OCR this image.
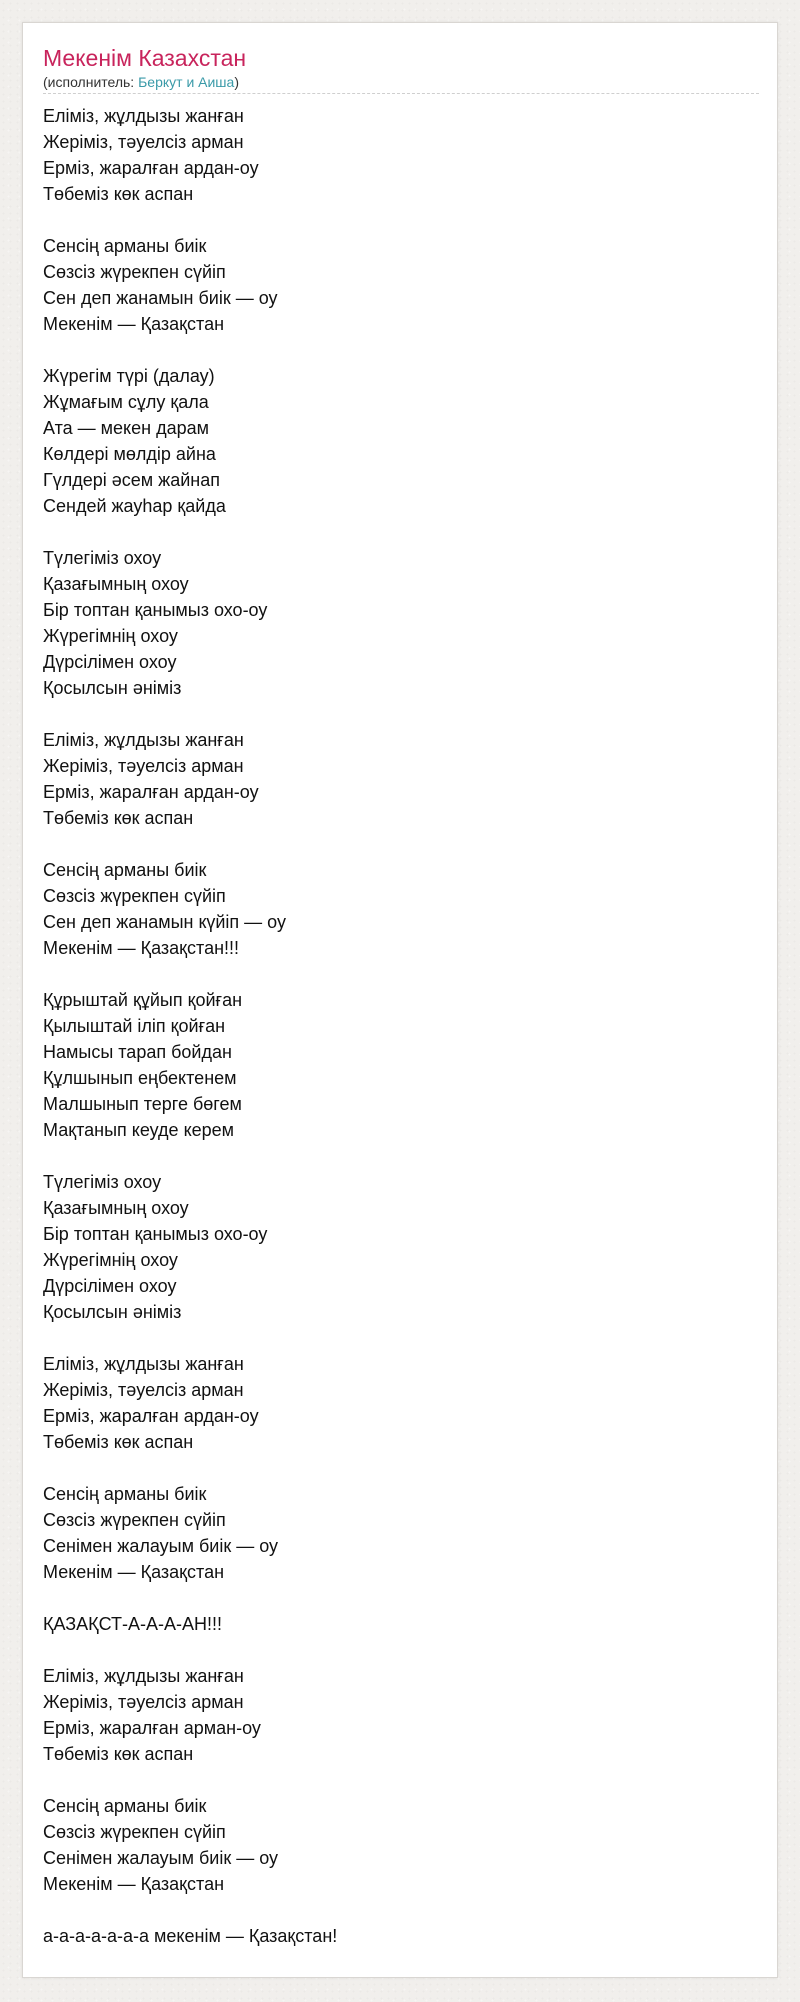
Мекенім Казахстан
(исполнитель: Беркут и Аиша)
Еліміз, жұлдызы жанған
Жеріміз, тәуелсіз арман
Ерміз, жаралған ардан-оу
Төбеміз көк аспан
Сенсің арманы биік
Сөзсіз жүрекпен сүйіп
Сен деп жанамын биік — оу
Мекенім — Қазақстан
Жүрегім түрі (далау)
Жұмағым сұлу қала
Ата — мекен дарам
Көлдері мөлдір айна
Гүлдері әсем жайнап
Сендей жауһар қайда
Түлегіміз охоу
Қазағымның охоу
Бір топтан қанымыз охо-оу
Жүрегімнің охоу
Дүрсілімен охоу
Қосылсын әніміз
Еліміз, жұлдызы жанған
Жеріміз, тәуелсіз арман
Ерміз, жаралған ардан-оу
Төбеміз көк аспан
Сенсің арманы биік
Сөзсіз жүрекпен сүйіп
Сен деп жанамын күйіп — оу
Мекенім — Қазақстан!!!
Құрыштай құйып қойған
Қылыштай іліп қойған
Намысы тарап бойдан
Құлшынып еңбектенем
Малшынып терге бөгем
Мақтанып кеуде керем
Түлегіміз охоу
Қазағымның охоу
Бір топтан қанымыз охо-оу
Жүрегімнің охоу
Дүрсілімен охоу
Қосылсын әніміз
Еліміз, жұлдызы жанған
Жеріміз, тәуелсіз арман
Ерміз, жаралған ардан-оу
Төбеміз көк аспан
Сенсің арманы биік
Сөзсіз жүрекпен сүйіп
Сенімен жалауым биік — оу
Мекенім — Қазақстан
ҚАЗАҚСТ-А-А-А-АН!!!
Еліміз, жұлдызы жанған
Жеріміз, тәуелсіз арман
Ерміз, жаралған арман-оу
Төбеміз көк аспан
Сенсің арманы биік
Сөзсіз жүрекпен сүйіп
Сенімен жалауым биік — оу
Мекенім — Қазақстан
а-а-а-а-а-а-а мекенім — Қазақстан!
